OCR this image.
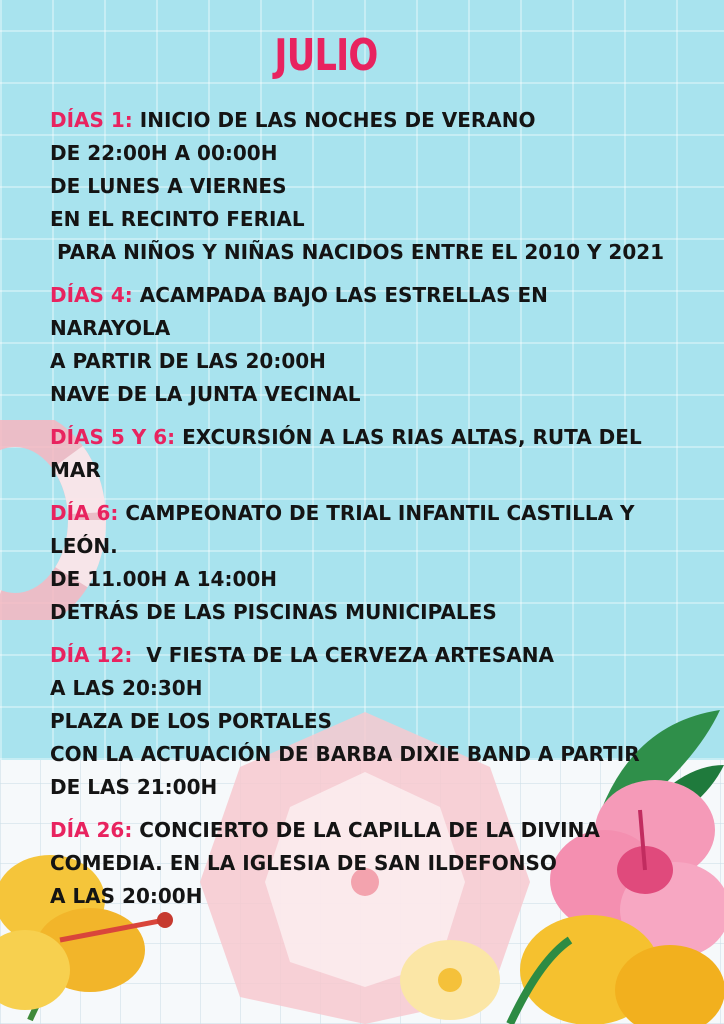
JULIO
DÍAS 1: INICIO DE LAS NOCHES DE VERANO
DE 22:00H A 00:00H
DE LUNES A VIERNES
EN EL RECINTO FERIAL
PARA NIÑOS Y NIÑAS NACIDOS ENTRE EL 2010 Y 2021
DÍAS 4: ACAMPADA BAJO LAS ESTRELLAS EN
NARAYOLA
A PARTIR DE LAS 20:00H
NAVE DE LA JUNTA VECINAL
DÍAS 5 Y 6: EXCURSIÓN A LAS RIAS ALTAS, RUTA DEL
MAR
DÍA 6: CAMPEONATO DE TRIAL INFANTIL CASTILLA Y
LEÓN.
DE 11.00H A 14:00H
DETRÁS DE LAS PISCINAS MUNICIPALES
DÍA 12:  V FIESTA DE LA CERVEZA ARTESANA
A LAS 20:30H
PLAZA DE LOS PORTALES
CON LA ACTUACIÓN DE BARBA DIXIE BAND A PARTIR
DE LAS 21:00H
DÍA 26: CONCIERTO DE LA CAPILLA DE LA DIVINA
COMEDIA. EN LA IGLESIA DE SAN ILDEFONSO
A LAS 20:00H
